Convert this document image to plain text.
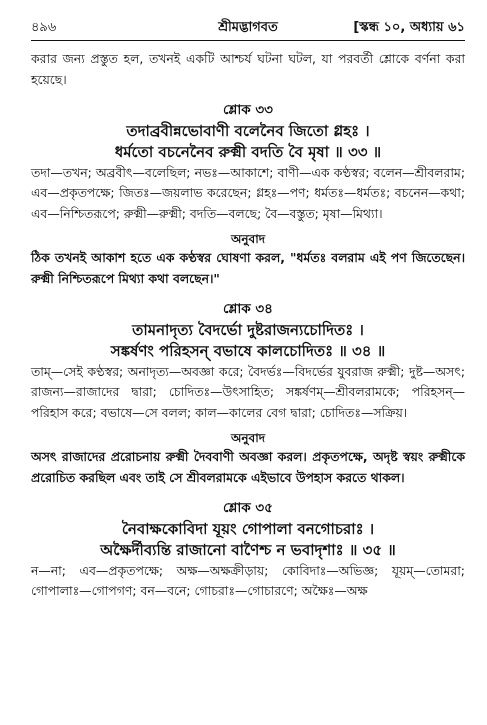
৪৯৬	শ্রীমদ্ভাগবত	[স্কন্ধ ১০, অধ্যায় ৬১

করার জন্য প্রস্তুত হল, তখনই একটি আশ্চর্য ঘটনা ঘটল, যা পরবর্তী শ্লোকে বর্ণনা করা হয়েছে।

শ্লোক ৩৩

তদাব্রবীন্নভোবাণী বলেনৈব জিতো গ্লহঃ ।

ধর্মতো বচনেনৈব রুক্মী বদতি বৈ মৃষা ॥ ৩৩ ॥

তদা—তখন; অব্রবীৎ—বলেছিল; নভঃ—আকাশে; বাণী—এক কণ্ঠস্বর; বলেন—শ্রীবলরাম; এব—প্রকৃতপক্ষে; জিতঃ—জয়লাভ করেছেন; গ্লহঃ—পণ; ধর্মতঃ—ধর্মতঃ; বচনেন—কথা; এব—নিশ্চিতরূপে; রুক্মী—রুক্মী; বদতি—বলছে; বৈ—বস্তুত; মৃষা—মিথ্যা।

অনুবাদ

ঠিক তখনই আকাশ হতে এক কণ্ঠস্বর ঘোষণা করল, "ধর্মতঃ বলরাম এই পণ জিতেছেন। রুক্মী নিশ্চিতরূপে মিথ্যা কথা বলছেন।"

শ্লোক ৩৪

তামনাদৃত্য বৈদর্ভো দুষ্টরাজন্যচোদিতঃ ।

সঙ্কর্ষণং পরিহসন্ বভাষে কালচোদিতঃ ॥ ৩৪ ॥

তাম্—সেই কণ্ঠস্বর; অনাদৃত্য—অবজ্ঞা করে; বৈদর্ভঃ—বিদর্ভের যুবরাজ রুক্মী; দুষ্ট—অসৎ; রাজন্য—রাজাদের দ্বারা; চোদিতঃ—উৎসাহিত; সঙ্কর্ষণম্—শ্রীবলরামকে; পরিহসন্—পরিহাস করে; বভাষে—সে বলল; কাল—কালের বেগ দ্বারা; চোদিতঃ—সক্রিয়।

অনুবাদ

অসৎ রাজাদের প্ররোচনায় রুক্মী দৈববাণী অবজ্ঞা করল। প্রকৃতপক্ষে, অদৃষ্ট স্বয়ং রুক্মীকে প্ররোচিত করছিল এবং তাই সে শ্রীবলরামকে এইভাবে উপহাস করতে থাকল।

শ্লোক ৩৫

নৈবাক্ষকোবিদা যূয়ং গোপালা বনগোচরাঃ ।

অক্ষৈর্দীব্যন্তি রাজানো বাণৈশ্চ ন ভবাদৃশাঃ ॥ ৩৫ ॥

ন—না; এব—প্রকৃতপক্ষে; অক্ষ—অক্ষক্রীড়ায়; কোবিদাঃ—অভিজ্ঞ; যূয়ম্—তোমরা; গোপালাঃ—গোপগণ; বন—বনে; গোচরাঃ—গোচারণে; অক্ষৈঃ—অক্ষ
